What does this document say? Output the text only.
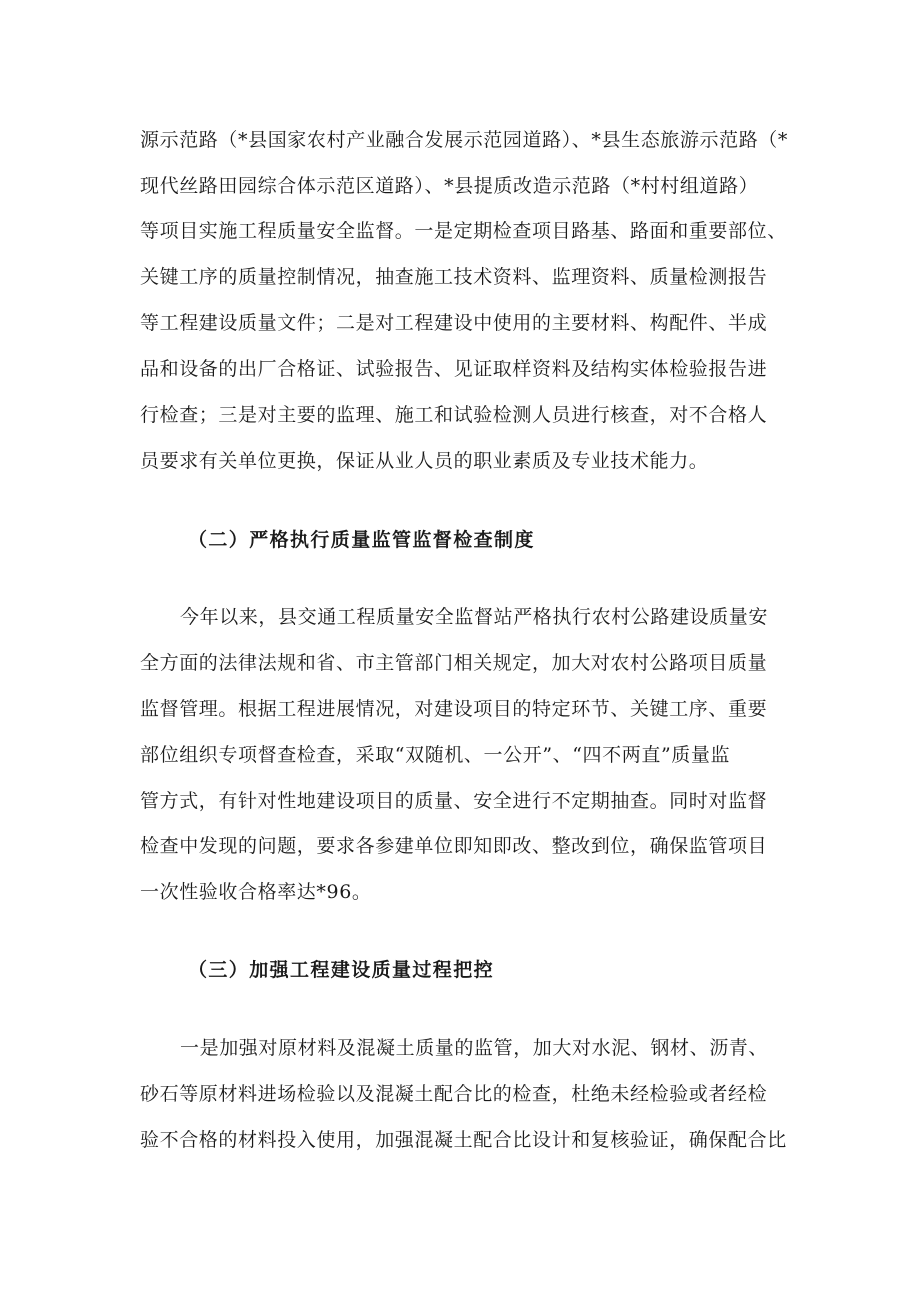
源示范路（*县国家农村产业融合发展示范园道路）、*县生态旅游示范路（*
现代丝路田园综合体示范区道路）、*县提质改造示范路（*村村组道路）
等项目实施工程质量安全监督。一是定期检查项目路基、路面和重要部位、
关键工序的质量控制情况，抽查施工技术资料、监理资料、质量检测报告
等工程建设质量文件；二是对工程建设中使用的主要材料、构配件、半成
品和设备的出厂合格证、试验报告、见证取样资料及结构实体检验报告进
行检查；三是对主要的监理、施工和试验检测人员进行核查，对不合格人
员要求有关单位更换，保证从业人员的职业素质及专业技术能力。
（二）严格执行质量监管监督检查制度
今年以来，县交通工程质量安全监督站严格执行农村公路建设质量安
全方面的法律法规和省、市主管部门相关规定，加大对农村公路项目质量
监督管理。根据工程进展情况，对建设项目的特定环节、关键工序、重要
部位组织专项督查检查，采取“双随机、一公开”、“四不两直”质量监
管方式，有针对性地建设项目的质量、安全进行不定期抽查。同时对监督
检查中发现的问题，要求各参建单位即知即改、整改到位，确保监管项目
一次性验收合格率达*96。
（三）加强工程建设质量过程把控
一是加强对原材料及混凝土质量的监管，加大对水泥、钢材、沥青、
砂石等原材料进场检验以及混凝土配合比的检查，杜绝未经检验或者经检
验不合格的材料投入使用，加强混凝土配合比设计和复核验证，确保配合比
